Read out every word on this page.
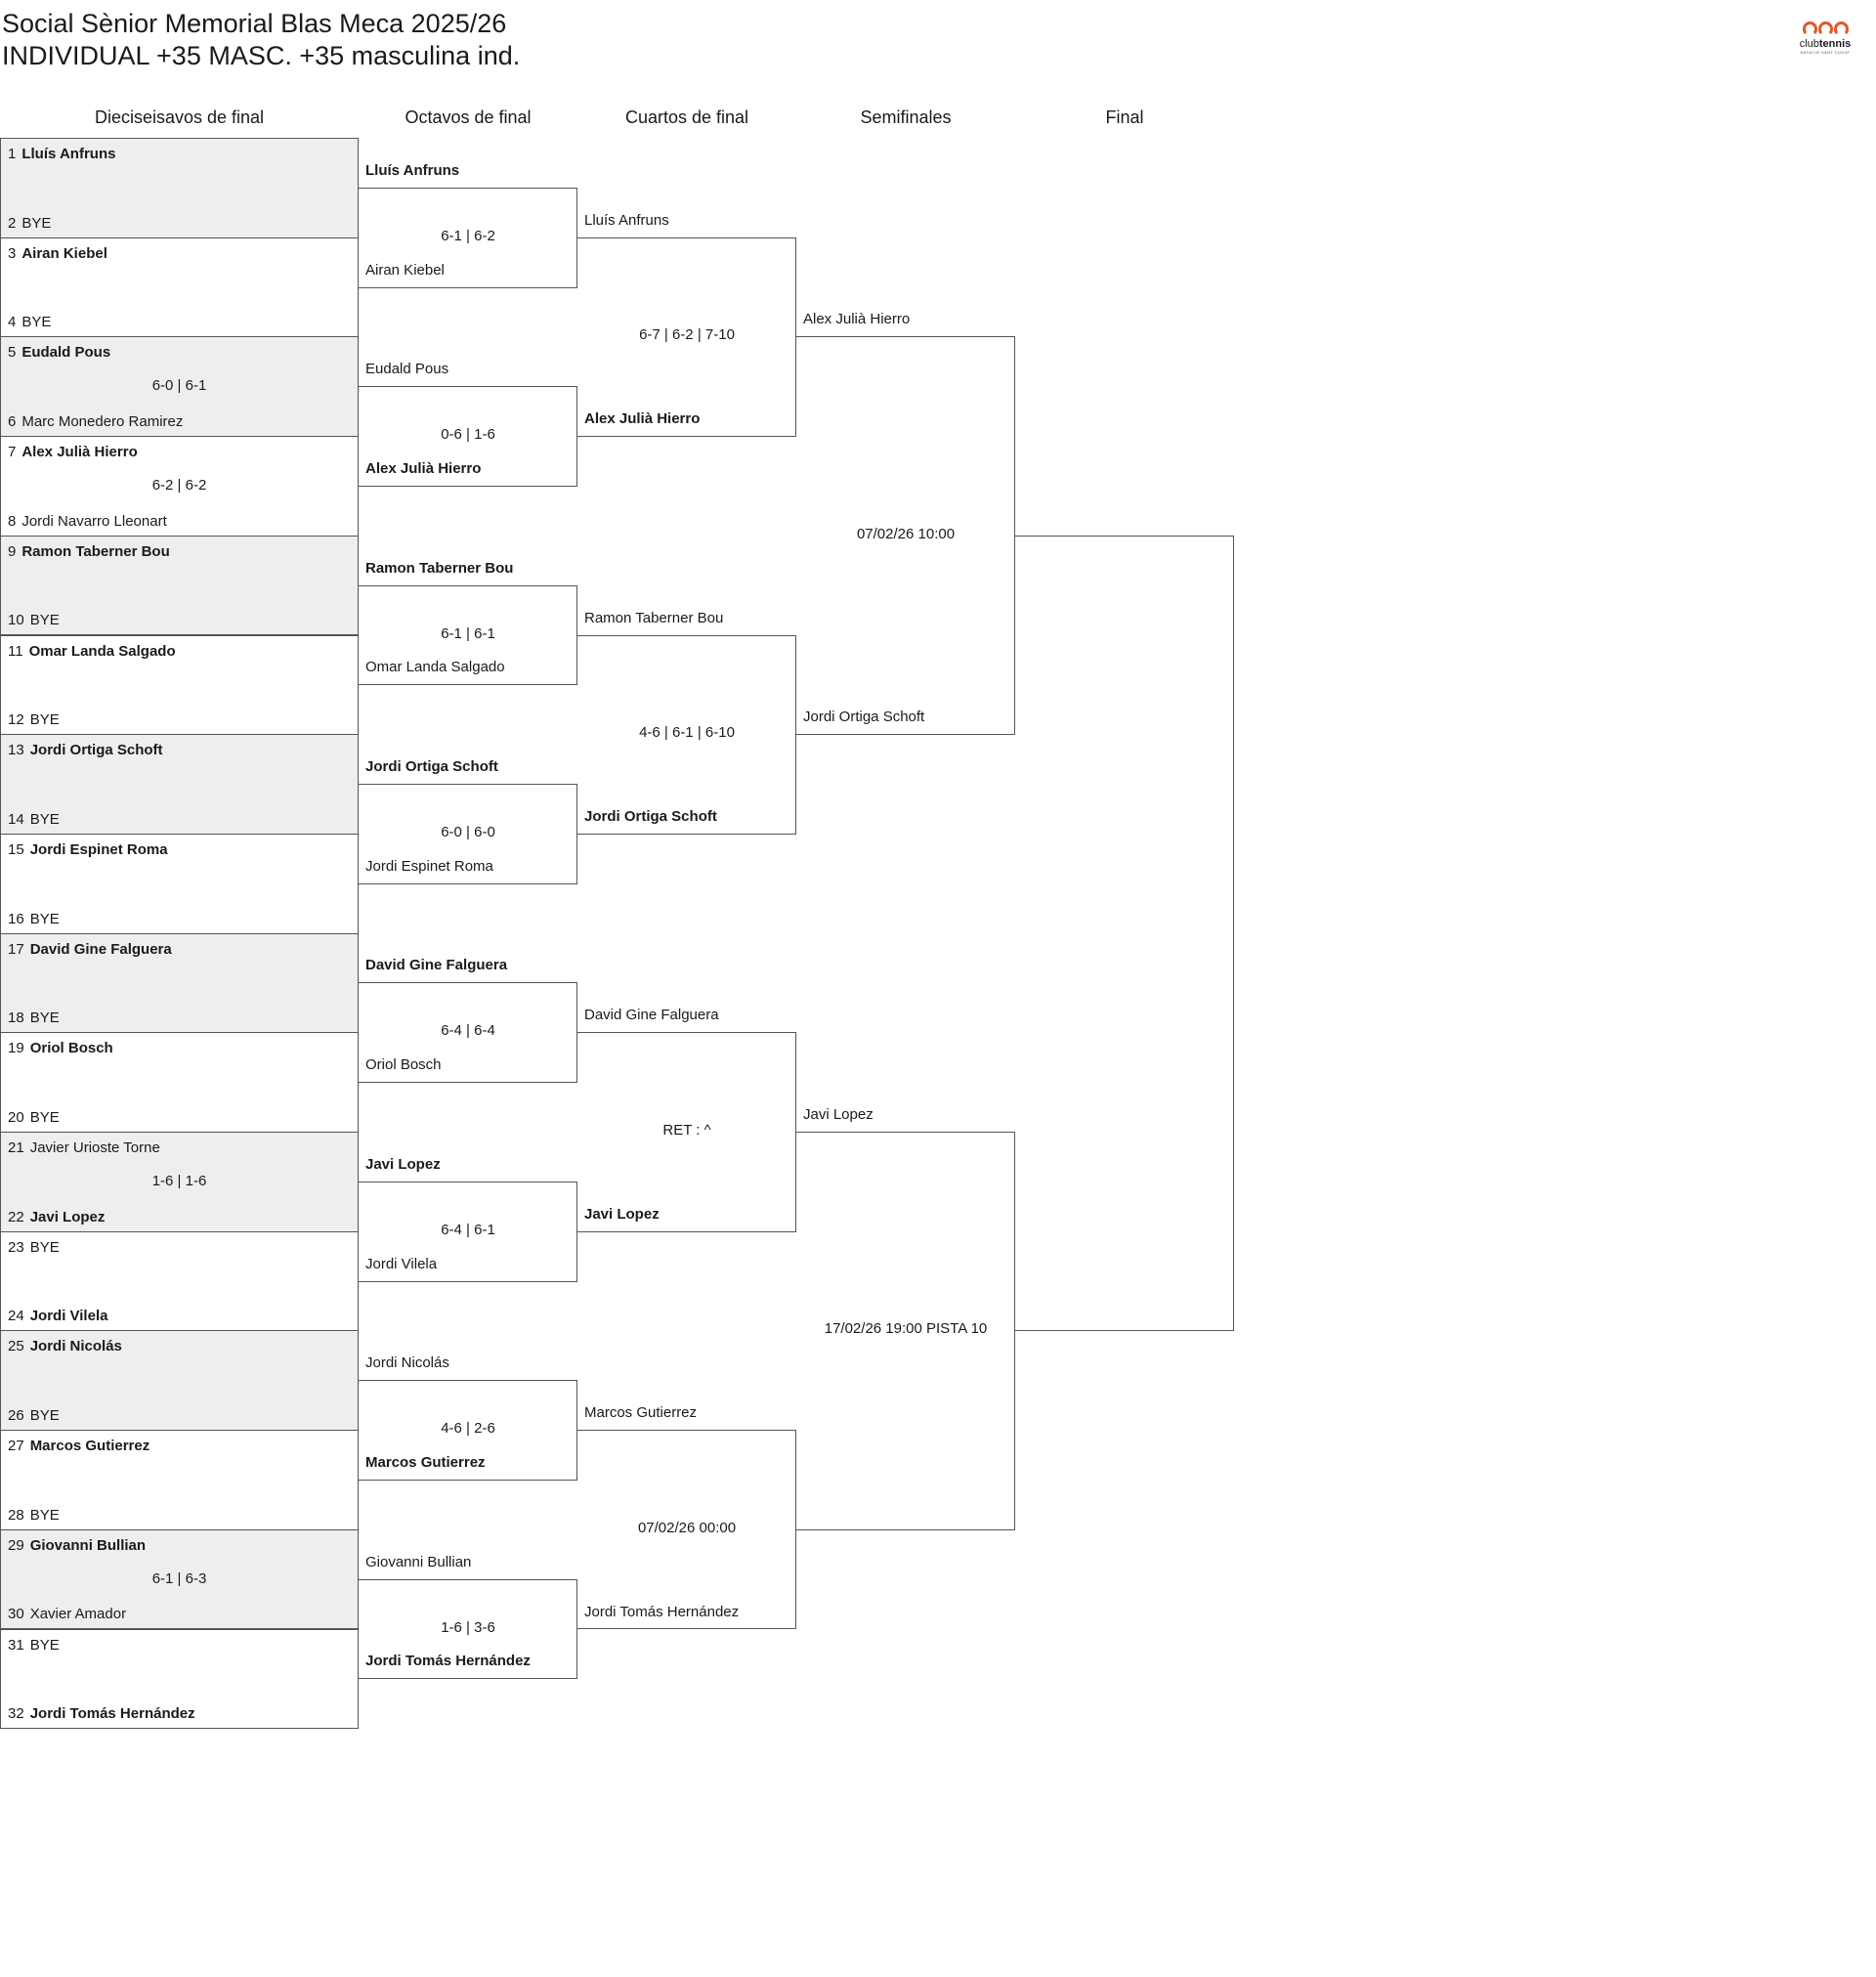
Social Sènior Memorial Blas Meca 2025/26
INDIVIDUAL +35 MASC. +35 masculina ind.	clubtennis
NATACIÓ SANT CUGAT
Dieciseisavos de final	Octavos de final	Cuartos de final	Semifinales	Final
1 Lluís Anfruns
2 BYE
3 Airan Kiebel
4 BYE
5 Eudald Pous
6 Marc Monedero Ramirez
6-0 | 6-1
7 Alex Julià Hierro
8 Jordi Navarro Lleonart
6-2 | 6-2
9 Ramon Taberner Bou
10 BYE
11 Omar Landa Salgado
12 BYE
13 Jordi Ortiga Schoft
14 BYE
15 Jordi Espinet Roma
16 BYE
17 David Gine Falguera
18 BYE
19 Oriol Bosch
20 BYE
21 Javier Urioste Torne
22 Javi Lopez
1-6 | 1-6
23 BYE
24 Jordi Vilela
25 Jordi Nicolás
26 BYE
27 Marcos Gutierrez
28 BYE
29 Giovanni Bullian
30 Xavier Amador
6-1 | 6-3
31 BYE
32 Jordi Tomás Hernández
Lluís Anfruns
Airan Kiebel
6-1 | 6-2
Eudald Pous
Alex Julià Hierro
0-6 | 1-6
Ramon Taberner Bou
Omar Landa Salgado
6-1 | 6-1
Jordi Ortiga Schoft
Jordi Espinet Roma
6-0 | 6-0
David Gine Falguera
Oriol Bosch
6-4 | 6-4
Javi Lopez
Jordi Vilela
6-4 | 6-1
Jordi Nicolás
Marcos Gutierrez
4-6 | 2-6
Giovanni Bullian
Jordi Tomás Hernández
1-6 | 3-6
Lluís Anfruns
Alex Julià Hierro
6-7 | 6-2 | 7-10
Ramon Taberner Bou
Jordi Ortiga Schoft
4-6 | 6-1 | 6-10
David Gine Falguera
Javi Lopez
RET : ^
Marcos Gutierrez
Jordi Tomás Hernández
07/02/26 00:00
Alex Julià Hierro
Jordi Ortiga Schoft
07/02/26 10:00
Javi Lopez
17/02/26 19:00 PISTA 10
